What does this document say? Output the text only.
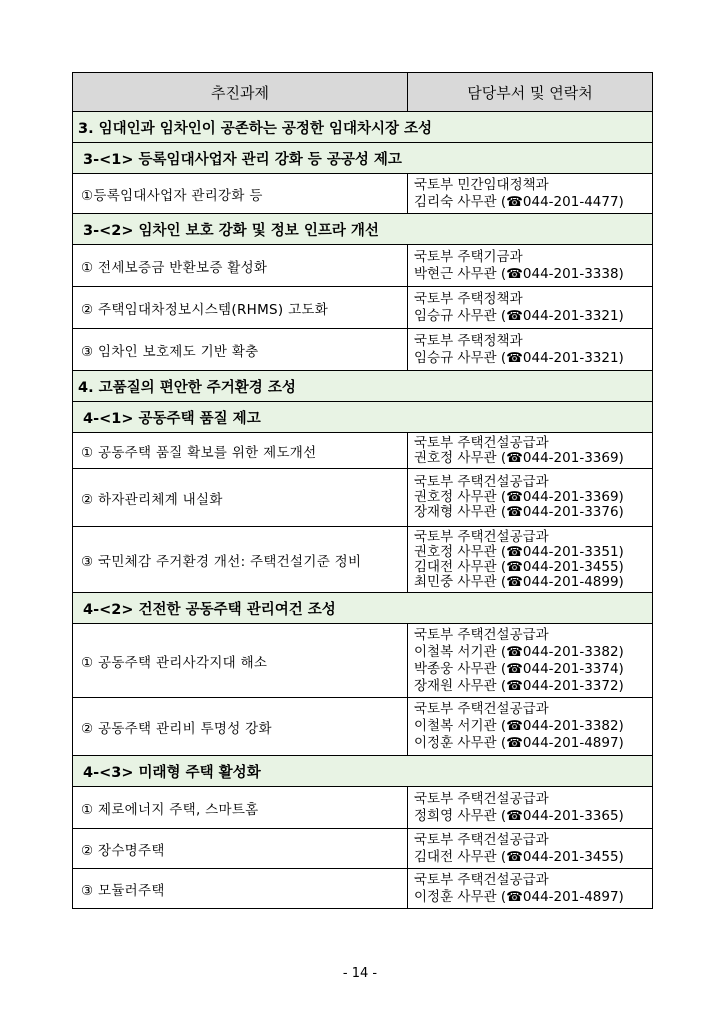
추진과제	담당부서 및 연락처
3. 임대인과 임차인이 공존하는 공정한 임대차시장 조성	
3-<1> 등록임대사업자 관리 강화 등 공공성 제고	
①등록임대사업자 관리강화 등	국토부 민간임대정책과
김리숙 사무관 (☎044-201-4477)

3-<2> 임차인 보호 강화 및 정보 인프라 개선	
① 전세보증금 반환보증 활성화	국토부 주택기금과
박현근 사무관 (☎044-201-3338)

② 주택임대차정보시스템(RHMS) 고도화	국토부 주택정책과
임승규 사무관 (☎044-201-3321)

③ 임차인 보호제도 기반 확충	국토부 주택정책과
임승규 사무관 (☎044-201-3321)

4. 고품질의 편안한 주거환경 조성	
4-<1> 공동주택 품질 제고	
① 공동주택 품질 확보를 위한 제도개선	국토부 주택건설공급과
권호정 사무관 (☎044-201-3369)

② 하자관리체계 내실화	국토부 주택건설공급과
권호정 사무관 (☎044-201-3369)
장재형 사무관 (☎044-201-3376)

③ 국민체감 주거환경 개선: 주택건설기준 정비	국토부 주택건설공급과
권호정 사무관 (☎044-201-3351)
김대전 사무관 (☎044-201-3455)
최민중 사무관 (☎044-201-4899)

4-<2> 건전한 공동주택 관리여건 조성	
① 공동주택 관리사각지대 해소	국토부 주택건설공급과
이철복 서기관 (☎044-201-3382)
박종웅 사무관 (☎044-201-3374)
장재원 사무관 (☎044-201-3372)

② 공동주택 관리비 투명성 강화	국토부 주택건설공급과
이철복 서기관 (☎044-201-3382)
이정훈 사무관 (☎044-201-4897)

4-<3> 미래형 주택 활성화	
① 제로에너지 주택, 스마트홈	국토부 주택건설공급과
정희영 사무관 (☎044-201-3365)

② 장수명주택	국토부 주택건설공급과
김대전 사무관 (☎044-201-3455)

③ 모듈러주택	국토부 주택건설공급과
이정훈 사무관 (☎044-201-4897)
- 14 -
